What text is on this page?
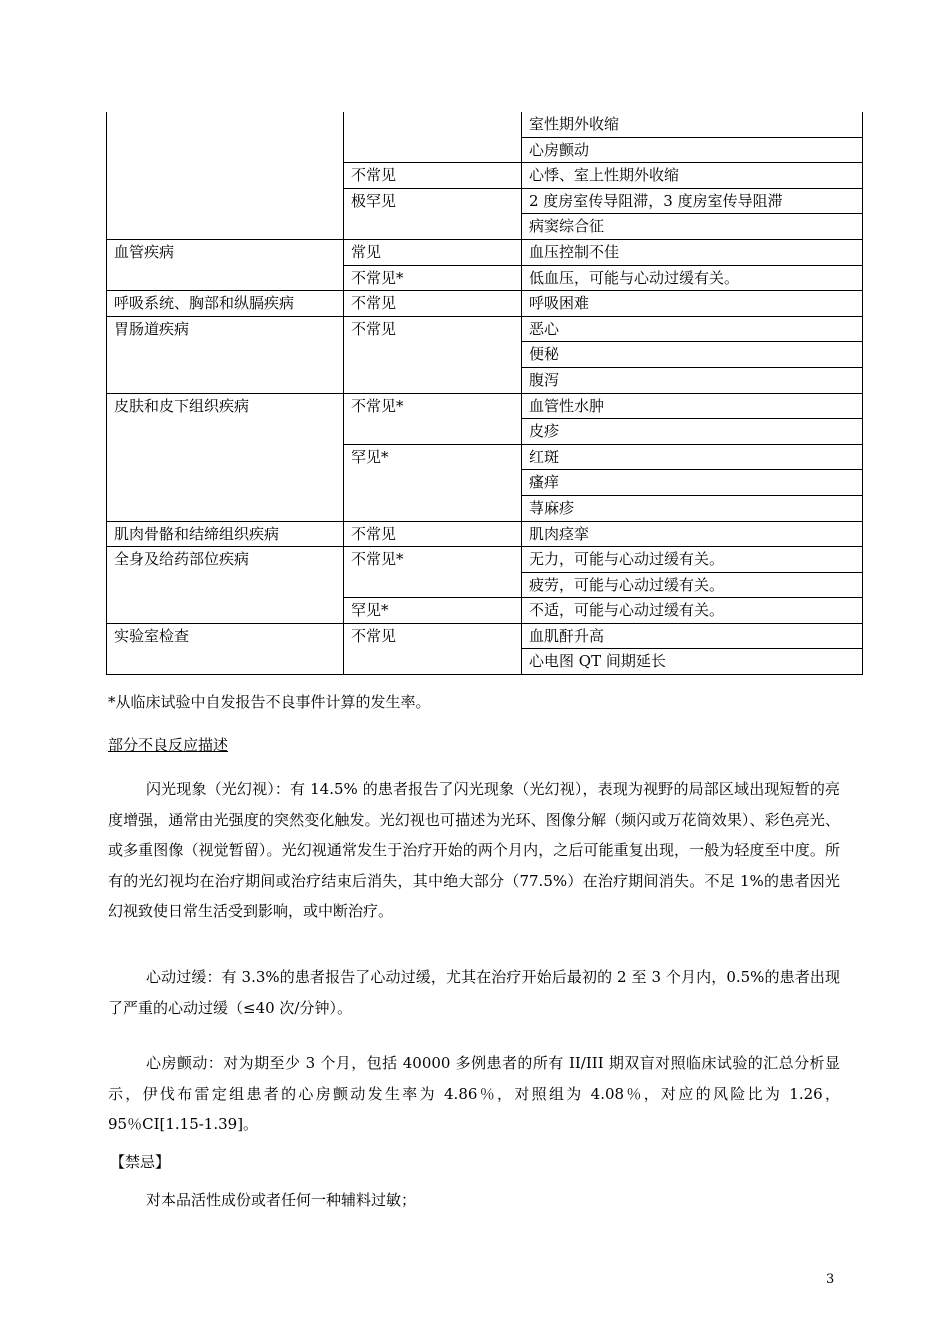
		室性期外收缩
		心房颤动
	不常见	心悸、室上性期外收缩
	极罕见	2 度房室传导阻滞，3 度房室传导阻滞
		病窦综合征
血管疾病	常见	血压控制不佳
	不常见*	低血压，可能与心动过缓有关。
呼吸系统、胸部和纵膈疾病	不常见	呼吸困难
胃肠道疾病	不常见	恶心
		便秘
		腹泻
皮肤和皮下组织疾病	不常见*	血管性水肿
		皮疹
	罕见*	红斑
		瘙痒
		荨麻疹
肌肉骨骼和结缔组织疾病	不常见	肌肉痉挛
全身及给药部位疾病	不常见*	无力，可能与心动过缓有关。
		疲劳，可能与心动过缓有关。
	罕见*	不适，可能与心动过缓有关。
实验室检查	不常见	血肌酐升高
		心电图 QT 间期延长
*从临床试验中自发报告不良事件计算的发生率。
部分不良反应描述

闪光现象（光幻视）：有 14.5% 的患者报告了闪光现象（光幻视），表现为视野的局部区域出现短暂的亮度增强，通常由光强度的突然变化触发。光幻视也可描述为光环、图像分解（频闪或万花筒效果）、彩色亮光、或多重图像（视觉暂留）。光幻视通常发生于治疗开始的两个月内，之后可能重复出现，一般为轻度至中度。所有的光幻视均在治疗期间或治疗结束后消失，其中绝大部分（77.5%）在治疗期间消失。不足 1%的患者因光幻视致使日常生活受到影响，或中断治疗。

心动过缓：有 3.3%的患者报告了心动过缓，尤其在治疗开始后最初的 2 至 3 个月内，0.5%的患者出现了严重的心动过缓（≤40 次/分钟）。

心房颤动：对为期至少 3 个月，包括 40000 多例患者的所有 II/III 期双盲对照临床试验的汇总分析显示，伊伐布雷定组患者的心房颤动发生率为 4.86％，对照组为 4.08％，对应的风险比为 1.26，95％CI[1.15-1.39]。

【禁忌】
对本品活性成份或者任何一种辅料过敏；
3
